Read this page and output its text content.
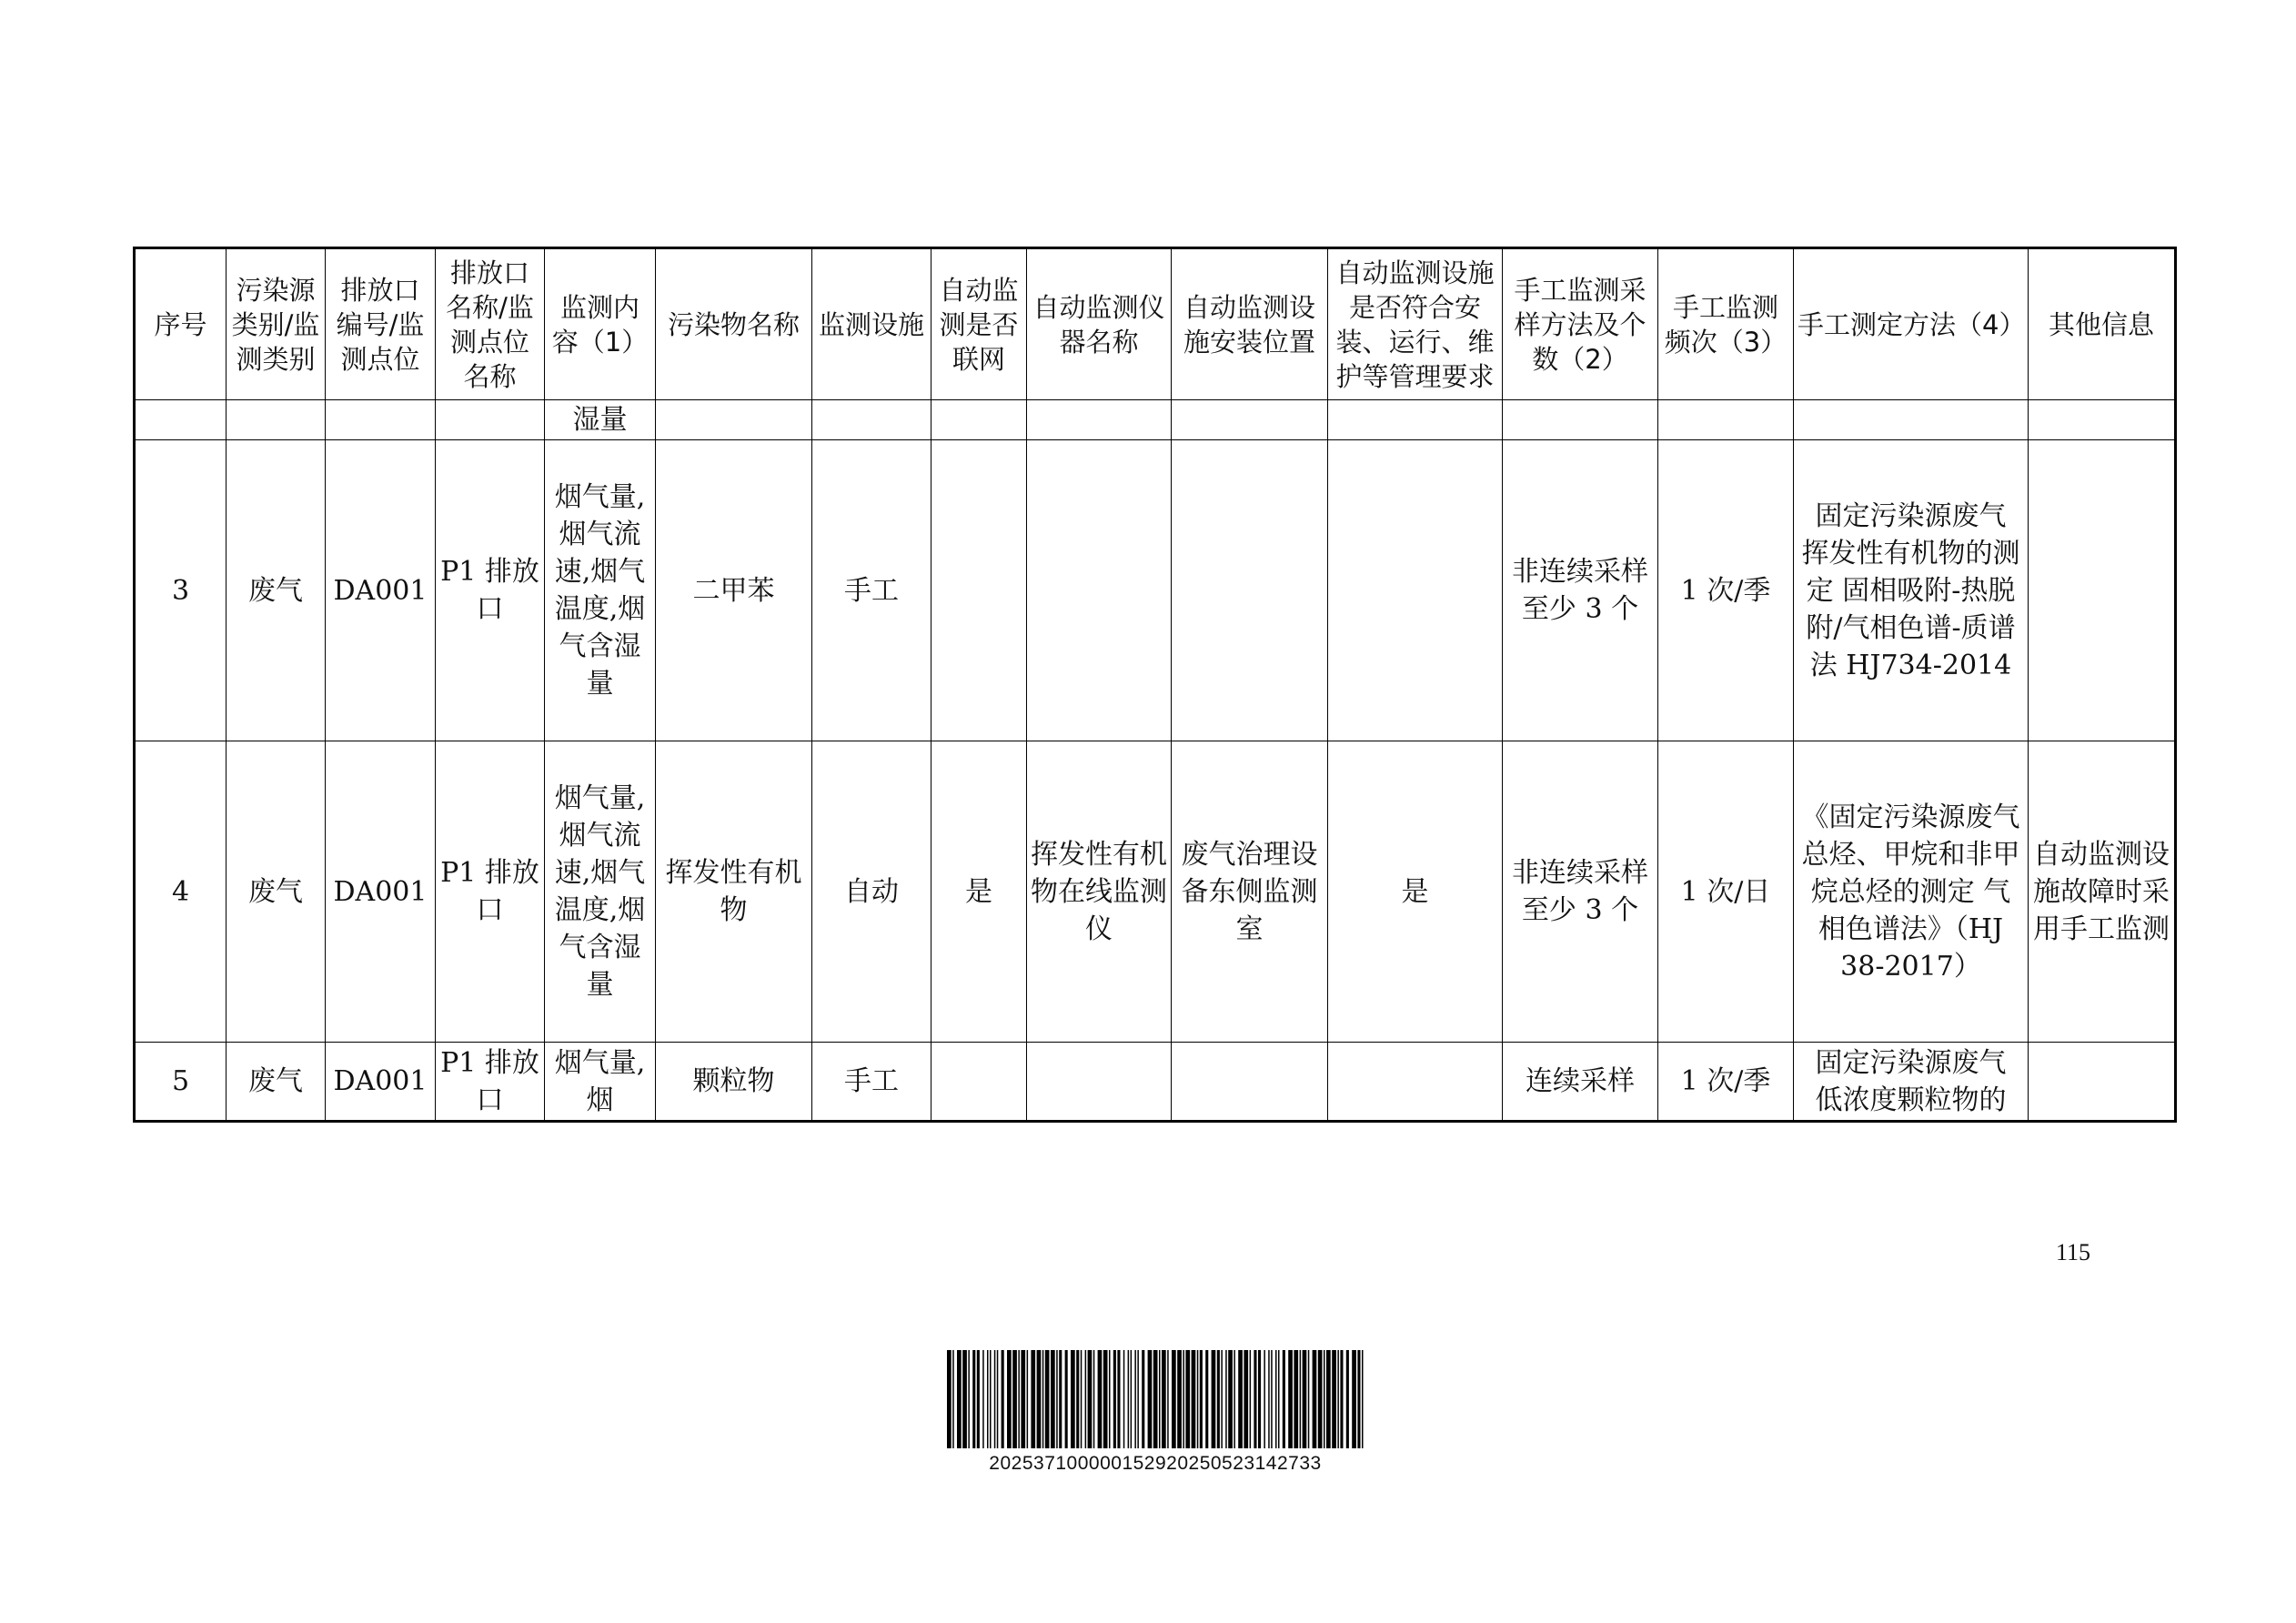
序号	污染源类别/监测类别	排放口编号/监测点位	排放口名称/监测点位名称	监测内容（1）	污染物名称	监测设施	自动监测是否联网	自动监测仪器名称	自动监测设施安装位置	自动监测设施是否符合安装、运行、维护等管理要求	手工监测采样方法及个数（2）	手工监测频次（3）	手工测定方法（4）	其他信息
				湿量										
3	废气	DA001	P1 排放口	烟气量,烟气流速,烟气温度,烟气含湿量	二甲苯	手工					非连续采样 至少 3 个	1 次/季	固定污染源废气 挥发性有机物的测定 固相吸附-热脱附/气相色谱-质谱法 HJ734-2014	
4	废气	DA001	P1 排放口	烟气量,烟气流速,烟气温度,烟气含湿量	挥发性有机物	自动	是	挥发性有机物在线监测仪	废气治理设备东侧监测室	是	非连续采样 至少 3 个	1 次/日	《固定污染源废气 总烃、甲烷和非甲烷总烃的测定 气相色谱法》（HJ 38-2017）	自动监测设施故障时采用手工监测
5	废气	DA001	P1 排放口	烟气量,烟	颗粒物	手工					连续采样	1 次/季	固定污染源废气 低浓度颗粒物的	
115
202537100000152920250523142733
